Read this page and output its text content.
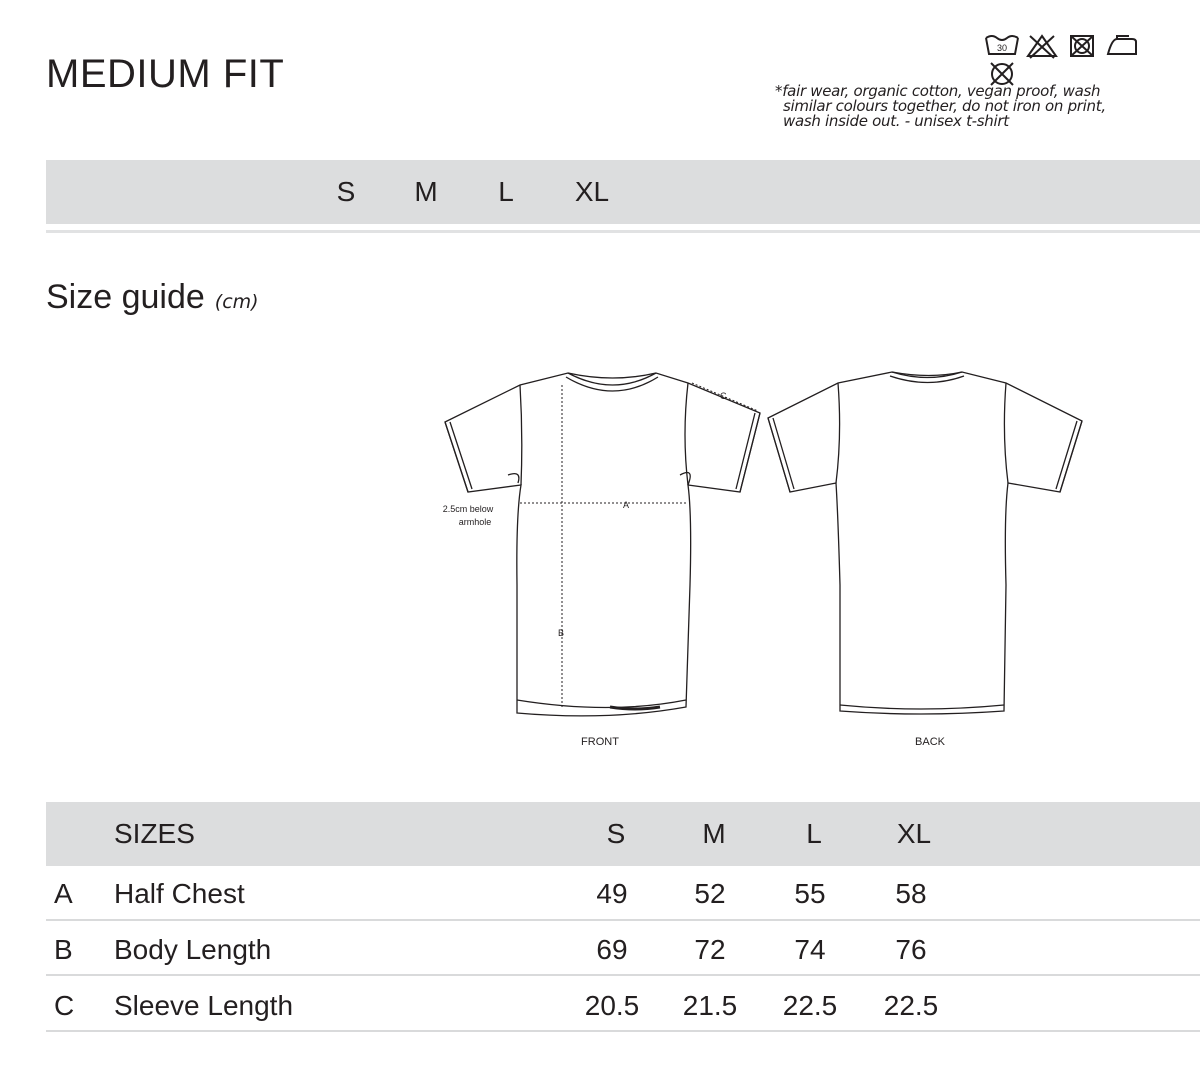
MEDIUM FIT
30

*fair wear, organic cotton, vegan proof, wash
similar colours together, do not iron on print,
wash inside out. - unisex t-shirt
S	M	L	XL
Size guide (cm)
A
B
C
2.5cm below
armhole
FRONT	BACK
SIZES	S	M	L	XL
A Half Chest	49	52	55	58
B Body Length	69	72	74	76
C Sleeve Length	20.5	21.5	22.5	22.5
